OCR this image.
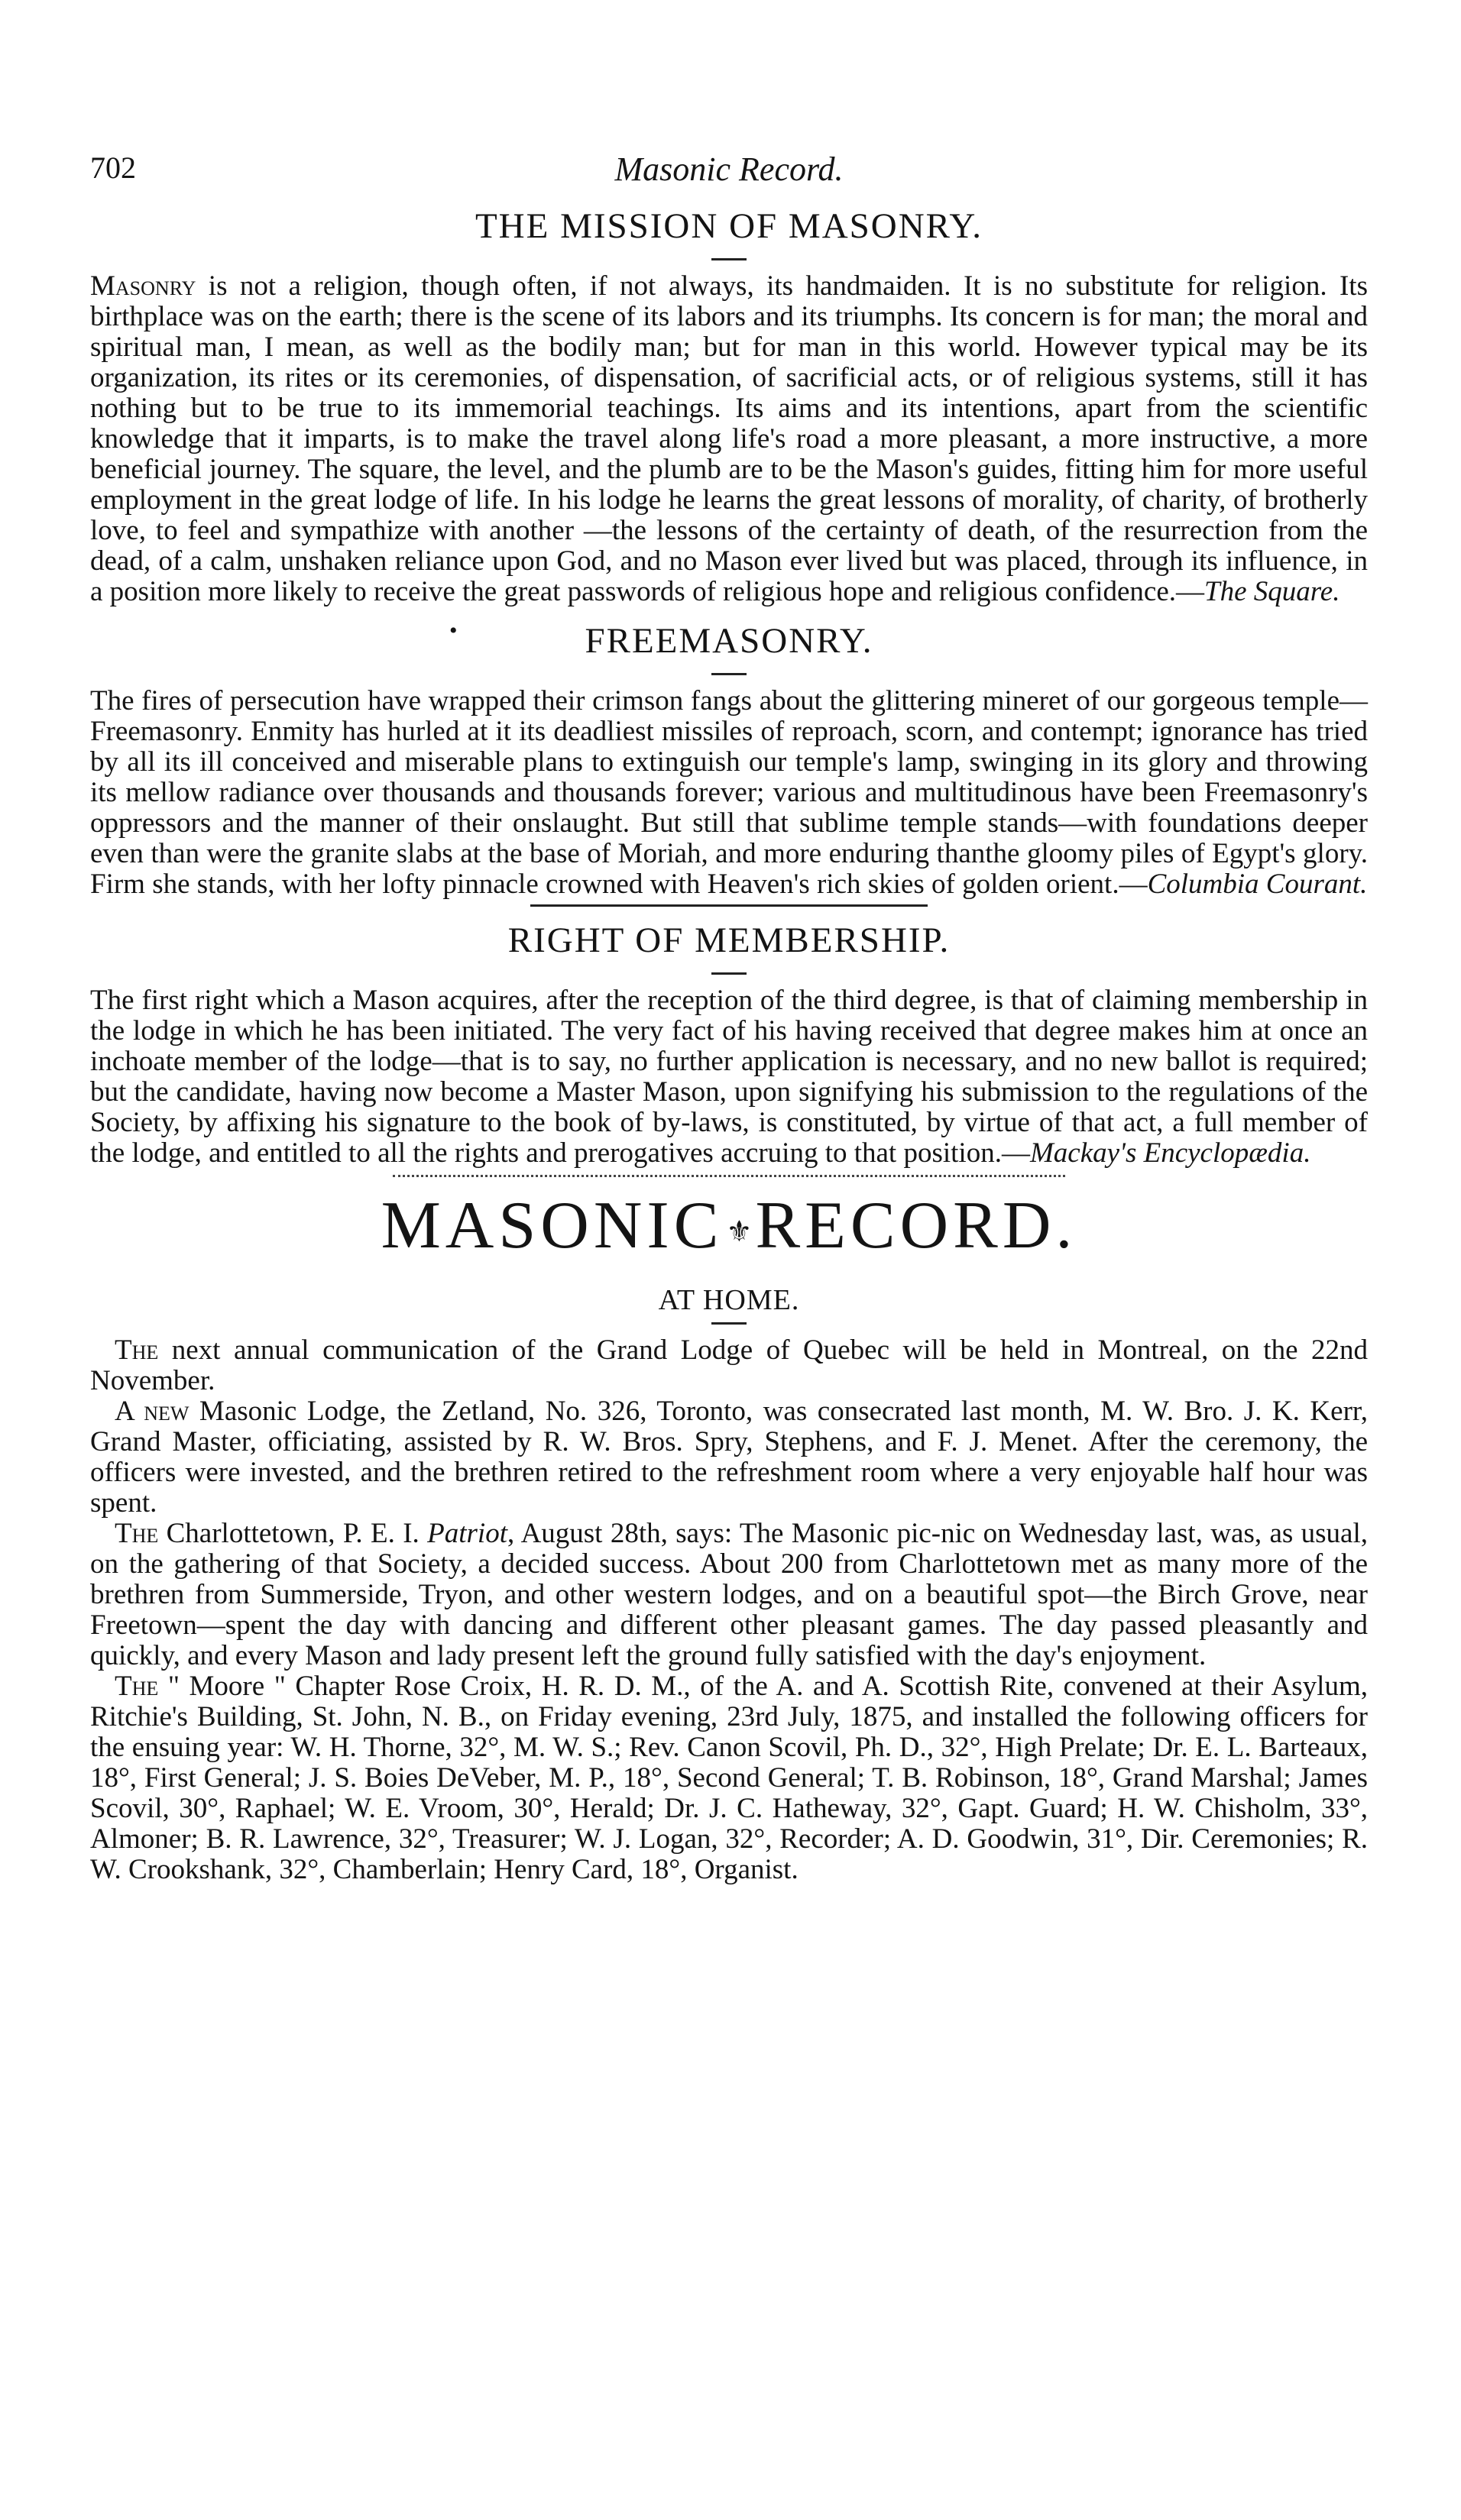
702	Masonic Record.
THE MISSION OF MASONRY.

Masonry is not a religion, though often, if not always, its handmaiden. It is no substitute for religion. Its birthplace was on the earth; there is the scene of its labors and its triumphs. Its concern is for man; the moral and spiritual man, I mean, as well as the bodily man; but for man in this world. However typical may be its organization, its rites or its ceremonies, of dispensation, of sacrificial acts, or of religious systems, still it has nothing but to be true to its immemorial teachings. Its aims and its intentions, apart from the scientific knowledge that it imparts, is to make the travel along life's road a more pleasant, a more instructive, a more beneficial journey. The square, the level, and the plumb are to be the Mason's guides, fitting him for more useful employment in the great lodge of life. In his lodge he learns the great lessons of morality, of charity, of brotherly love, to feel and sympathize with another —the lessons of the certainty of death, of the resurrection from the dead, of a calm, unshaken reliance upon God, and no Mason ever lived but was placed, through its influence, in a position more likely to receive the great passwords of religious hope and religious confidence.—The Square.

•	FREEMASONRY.

The fires of persecution have wrapped their crimson fangs about the glittering mineret of our gorgeous temple—Freemasonry. Enmity has hurled at it its deadliest missiles of reproach, scorn, and contempt; ignorance has tried by all its ill conceived and miserable plans to extinguish our temple's lamp, swinging in its glory and throwing its mellow radiance over thousands and thousands forever; various and multitudinous have been Freemasonry's oppressors and the manner of their onslaught. But still that sublime temple stands—with foundations deeper even than were the granite slabs at the base of Moriah, and more enduring thanthe gloomy piles of Egypt's glory. Firm she stands, with her lofty pinnacle crowned with Heaven's rich skies of golden orient.—Columbia Courant.

RIGHT OF MEMBERSHIP.

The first right which a Mason acquires, after the reception of the third degree, is that of claiming membership in the lodge in which he has been initiated. The very fact of his having received that degree makes him at once an inchoate member of the lodge—that is to say, no further application is necessary, and no new ballot is required; but the candidate, having now become a Master Mason, upon signifying his submission to the regulations of the Society, by affixing his signature to the book of by-laws, is constituted, by virtue of that act, a full member of the lodge, and entitled to all the rights and prerogatives accruing to that position.—Mackay's Encyclopædia.

MASONIC ⚜RECORD.
AT HOME.

The next annual communication of the Grand Lodge of Quebec will be held in Montreal, on the 22nd November.

A new Masonic Lodge, the Zetland, No. 326, Toronto, was consecrated last month, M. W. Bro. J. K. Kerr, Grand Master, officiating, assisted by R. W. Bros. Spry, Stephens, and F. J. Menet. After the ceremony, the officers were invested, and the brethren retired to the refreshment room where a very enjoyable half hour was spent.

The Charlottetown, P. E. I. Patriot, August 28th, says: The Masonic pic-nic on Wednesday last, was, as usual, on the gathering of that Society, a decided success. About 200 from Charlottetown met as many more of the brethren from Summerside, Tryon, and other western lodges, and on a beautiful spot—the Birch Grove, near Freetown—spent the day with dancing and different other pleasant games. The day passed pleasantly and quickly, and every Mason and lady present left the ground fully satisfied with the day's enjoyment.

The " Moore " Chapter Rose Croix, H. R. D. M., of the A. and A. Scottish Rite, convened at their Asylum, Ritchie's Building, St. John, N. B., on Friday evening, 23rd July, 1875, and installed the following officers for the ensuing year: W. H. Thorne, 32°, M. W. S.; Rev. Canon Scovil, Ph. D., 32°, High Prelate; Dr. E. L. Barteaux, 18°, First General; J. S. Boies DeVeber, M. P., 18°, Second General; T. B. Robinson, 18°, Grand Marshal; James Scovil, 30°, Raphael; W. E. Vroom, 30°, Herald; Dr. J. C. Hatheway, 32°, Gapt. Guard; H. W. Chisholm, 33°, Almoner; B. R. Lawrence, 32°, Treasurer; W. J. Logan, 32°, Recorder; A. D. Goodwin, 31°, Dir. Ceremonies; R. W. Crookshank, 32°, Chamberlain; Henry Card, 18°, Organist.
